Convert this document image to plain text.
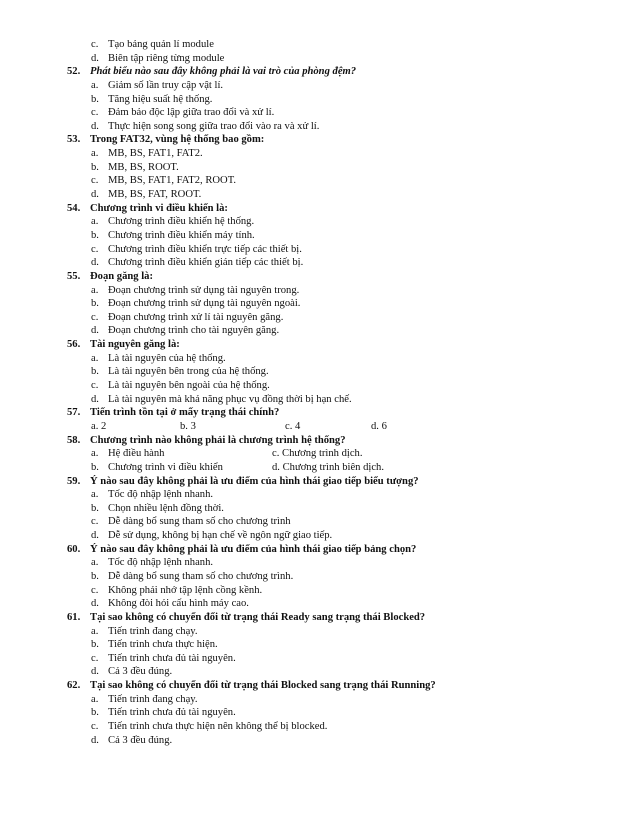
c. Tạo bảng quản lí module
d. Biên tập riêng từng module
52. Phát biểu nào sau đây không phải là vai trò của phòng đệm?
a. Giảm số lần truy cập vật lí.
b. Tăng hiệu suất hệ thống.
c. Đảm bảo độc lập giữa trao đổi và xử lí.
d. Thực hiện song song giữa trao đổi vào ra và xử lí.
53. Trong FAT32, vùng hệ thống bao gồm:
a. MB, BS, FAT1, FAT2.
b. MB, BS, ROOT.
c. MB, BS, FAT1, FAT2, ROOT.
d. MB, BS, FAT, ROOT.
54. Chương trình vi điều khiển là:
a. Chương trình điều khiển hệ thống.
b. Chương trình điều khiển máy tính.
c. Chương trình điều khiển trực tiếp các thiết bị.
d. Chương trình điều khiển gián tiếp các thiết bị.
55. Đoạn găng là:
a. Đoạn chương trình sử dụng tài nguyên trong.
b. Đoạn chương trình sử dụng tài nguyên ngoài.
c. Đoạn chương trình xử lí tài nguyên găng.
d. Đoạn chương trình cho tài nguyên găng.
56. Tài nguyên găng là:
a. Là tài nguyên của hệ thống.
b. Là tài nguyên bên trong của hệ thống.
c. Là tài nguyên bên ngoài của hệ thống.
d. Là tài nguyên mà khả năng phục vụ đồng thời bị hạn chế.
57. Tiến trình tồn tại ở mấy trạng thái chính?
a. 2	b. 3	c. 4	d. 6
58. Chương trình nào không phải là chương trình hệ thống?
a. Hệ điều hành	c. Chương trình dịch.
b. Chương trình vi điều khiển	d. Chương trình biên dịch.
59. Ý nào sau đây không phải là ưu điểm của hình thái giao tiếp biểu tượng?
a. Tốc độ nhập lệnh nhanh.
b. Chọn nhiều lệnh đồng thời.
c. Dễ dàng bổ sung tham số cho chương trình
d. Dễ sử dụng, không bị hạn chế về ngôn ngữ giao tiếp.
60. Ý nào sau đây không phải là ưu điểm của hình thái giao tiếp bảng chọn?
a. Tốc độ nhập lệnh nhanh.
b. Dễ dàng bổ sung tham số cho chương trình.
c. Không phải nhớ tập lệnh cồng kềnh.
d. Không đòi hỏi cấu hình máy cao.
61. Tại sao không có chuyển đổi từ trạng thái Ready sang trạng thái Blocked?
a. Tiến trình đang chạy.
b. Tiến trình chưa thực hiện.
c. Tiến trình chưa đủ tài nguyên.
d. Cả 3 đều đúng.
62. Tại sao không có chuyển đổi từ trạng thái Blocked sang trạng thái Running?
a. Tiến trình đang chạy.
b. Tiến trình chưa đủ tài nguyên.
c. Tiến trình chưa thực hiện nên không thể bị blocked.
d. Cả 3 đều đúng.
